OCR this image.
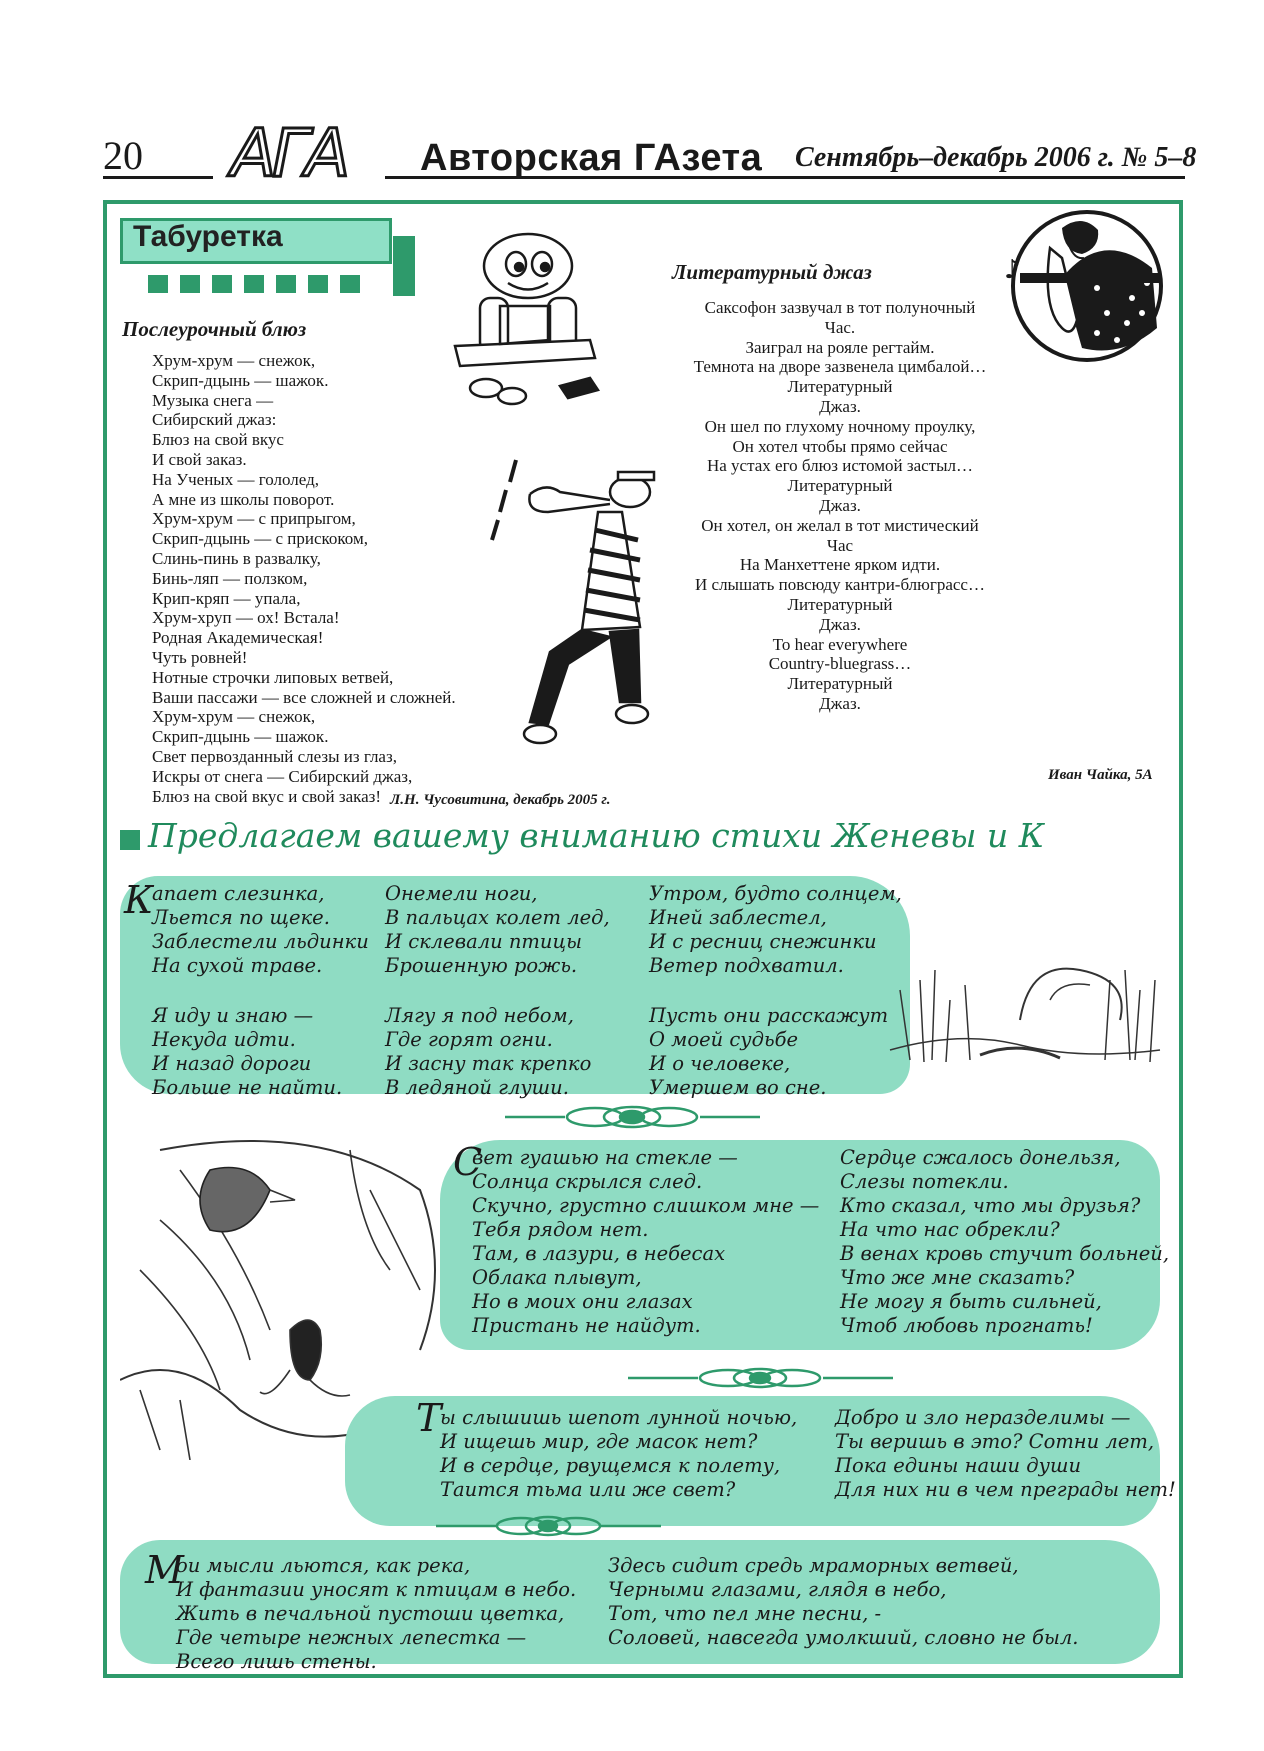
20 АГА Авторская ГАзета Сентябрь–декабрь 2006 г. № 5–8
Табуретка
Послеурочный блюз
Хрум-хрум — снежок,
Скрип-дцынь — шажок.
Музыка снега —
Сибирский джаз:
Блюз на свой вкус
И свой заказ.
На Ученых — гололед,
А мне из школы поворот.
Хрум-хрум — с припрыгом,
Скрип-дцынь — с прискоком,
Слинь-пинь в развалку,
Бинь-ляп — ползком,
Крип-кряп — упала,
Хрум-хруп — ох! Встала!
Родная Академическая!
Чуть ровней!
Нотные строчки липовых ветвей,
Ваши пассажи — все сложней и сложней.
Хрум-хрум — снежок,
Скрип-дцынь — шажок.
Свет первозданный слезы из глаз,
Искры от снега — Сибирский джаз,
Блюз на свой вкус и свой заказ! Л.Н. Чусовитина, декабрь 2005 г.
Литературный джаз
Саксофон зазвучал в тот полуночный
Час.
Заиграл на рояле регтайм.
Темнота на дворе зазвенела цимбалой…
Литературный
Джаз.
Он шел по глухому ночному проулку,
Он хотел чтобы прямо сейчас
На устах его блюз истомой застыл…
Литературный
Джаз.
Он хотел, он желал в тот мистический
Час
На Манхеттене ярком идти.
И слышать повсюду кантри-блюграсс…
Литературный
Джаз.
To hear everywhere
Country-bluegrass…
Литературный
Джаз.
Иван Чайка, 5А
♪
Предлагаем вашему вниманию стихи Женевы и К
К
апает слезинка,
Льется по щеке.
Заблестели льдинки
На сухой траве.
Я иду и знаю —
Некуда идти.
И назад дороги
Больше не найти.
Онемели ноги,
В пальцах колет лед,
И склевали птицы
Брошенную рожь.
Лягу я под небом,
Где горят огни.
И засну так крепко
В ледяной глуши.
Утром, будто солнцем,
Иней заблестел,
И с ресниц снежинки
Ветер подхватил.
Пусть они расскажут
О моей судьбе
И о человеке,
Умершем во сне.
С
вет гуашью на стекле —
Солнца скрылся след.
Скучно, грустно слишком мне —
Тебя рядом нет.
Там, в лазури, в небесах
Облака плывут,
Но в моих они глазах
Пристань не найдут.
Сердце сжалось донельзя,
Слезы потекли.
Кто сказал, что мы друзья?
На что нас обрекли?
В венах кровь стучит больней,
Что же мне сказать?
Не могу я быть сильней,
Чтоб любовь прогнать!
Т
ы слышишь шепот лунной ночью,
И ищешь мир, где масок нет?
И в сердце, рвущемся к полету,
Таится тьма или же свет?
Добро и зло неразделимы —
Ты веришь в это? Сотни лет,
Пока едины наши души
Для них ни в чем преграды нет!
М
ои мысли льются, как река,
И фантазии уносят к птицам в небо.
Жить в печальной пустоши цветка,
Где четыре нежных лепестка —
Всего лишь стены.
Здесь сидит средь мраморных ветвей,
Черными глазами, глядя в небо,
Тот, что пел мне песни, -
Соловей, навсегда умолкший, словно не был.
